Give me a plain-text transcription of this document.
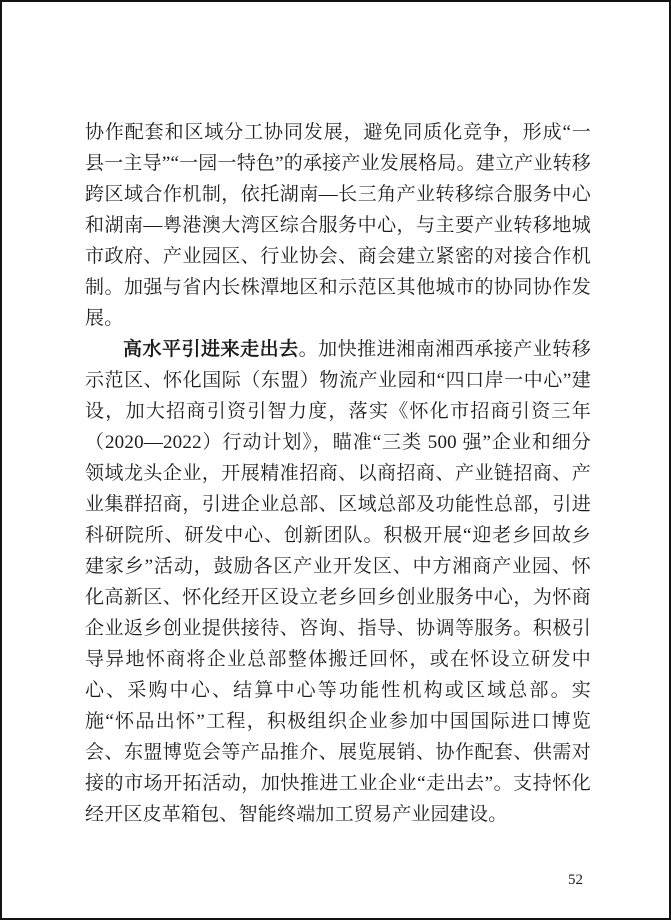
协作配套和区域分工协同发展，避免同质化竞争，形成“一县一主导”“一园一特色”的承接产业发展格局。建立产业转移跨区域合作机制，依托湖南—长三角产业转移综合服务中心和湖南—粤港澳大湾区综合服务中心，与主要产业转移地城市政府、产业园区、行业协会、商会建立紧密的对接合作机制。加强与省内长株潭地区和示范区其他城市的协同协作发展。

高水平引进来走出去。加快推进湘南湘西承接产业转移示范区、怀化国际（东盟）物流产业园和“四口岸一中心”建设，加大招商引资引智力度，落实《怀化市招商引资三年（2020—2022）行动计划》，瞄准“三类 500 强”企业和细分领域龙头企业，开展精准招商、以商招商、产业链招商、产业集群招商，引进企业总部、区域总部及功能性总部，引进科研院所、研发中心、创新团队。积极开展“迎老乡回故乡建家乡”活动，鼓励各区产业开发区、中方湘商产业园、怀化高新区、怀化经开区设立老乡回乡创业服务中心，为怀商企业返乡创业提供接待、咨询、指导、协调等服务。积极引导异地怀商将企业总部整体搬迁回怀，或在怀设立研发中心、采购中心、结算中心等功能性机构或区域总部。实施“怀品出怀”工程，积极组织企业参加中国国际进口博览会、东盟博览会等产品推介、展览展销、协作配套、供需对接的市场开拓活动，加快推进工业企业“走出去”。支持怀化经开区皮革箱包、智能终端加工贸易产业园建设。

52
